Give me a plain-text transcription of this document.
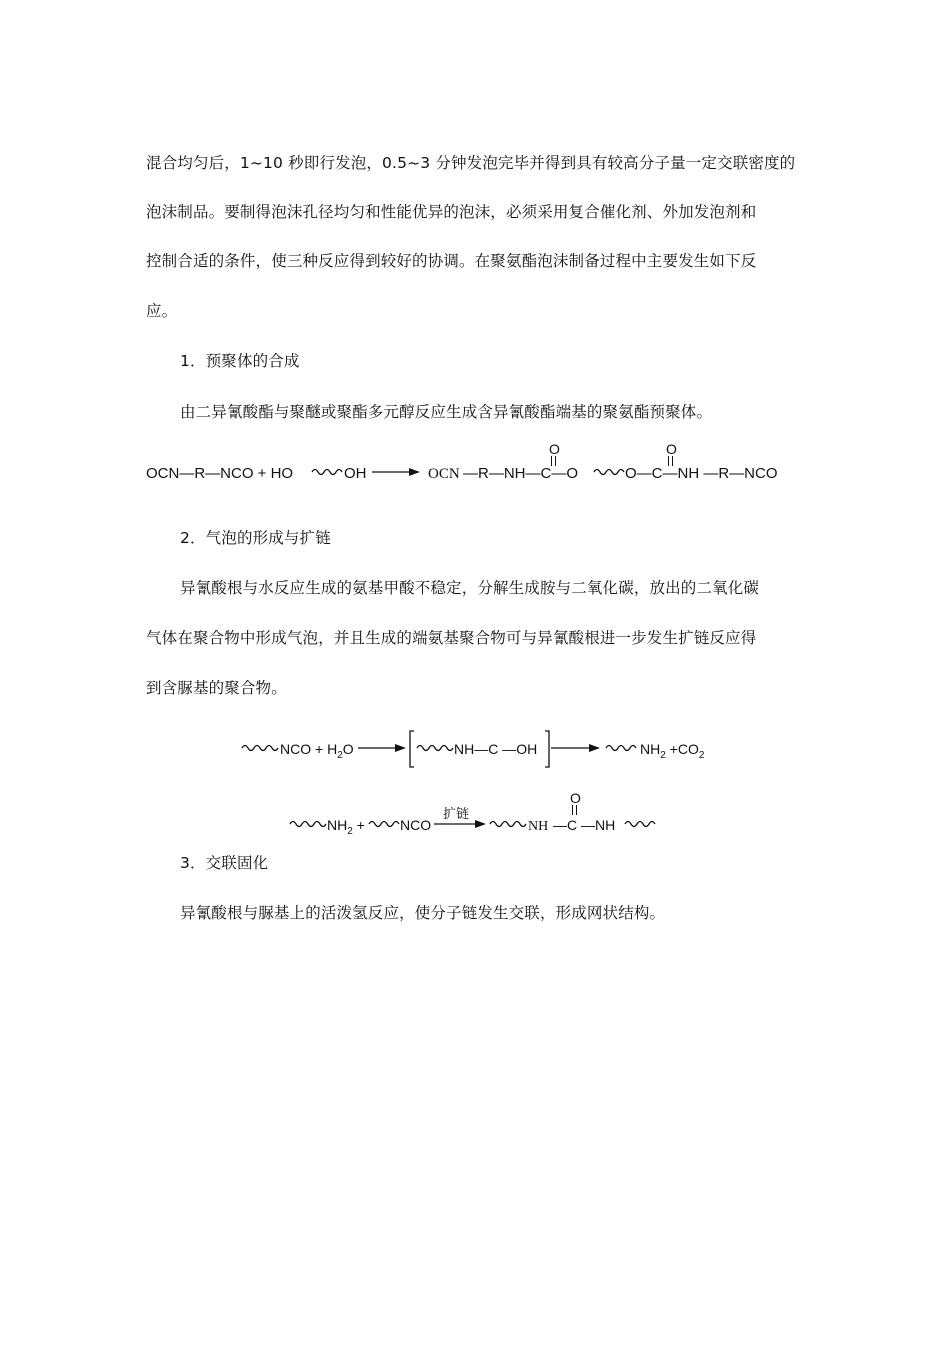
混合均匀后，1~10 秒即行发泡，0.5~3 分钟发泡完毕并得到具有较高分子量一定交联密度的
泡沫制品。要制得泡沫孔径均匀和性能优异的泡沫，必须采用复合催化剂、外加发泡剂和
控制合适的条件，使三种反应得到较好的协调。在聚氨酯泡沫制备过程中主要发生如下反
应。
1．预聚体的合成
由二异氰酸酯与聚醚或聚酯多元醇反应生成含异氰酸酯端基的聚氨酯预聚体。
OCN—R—NCO + HO	OH	OCN —R—NH—C—O	O—C—NH —R—NCO
O	O
2．气泡的形成与扩链
异氰酸根与水反应生成的氨基甲酸不稳定，分解生成胺与二氧化碳，放出的二氧化碳
气体在聚合物中形成气泡，并且生成的端氨基聚合物可与异氰酸根进一步发生扩链反应得
到含脲基的聚合物。
NCO + $H_2O$	NH—C —OH	$NH_2 +CO_2$
$NH_2$ +	NCO
扩链
NH —C —NH
O
3．交联固化
异氰酸根与脲基上的活泼氢反应，使分子链发生交联，形成网状结构。
